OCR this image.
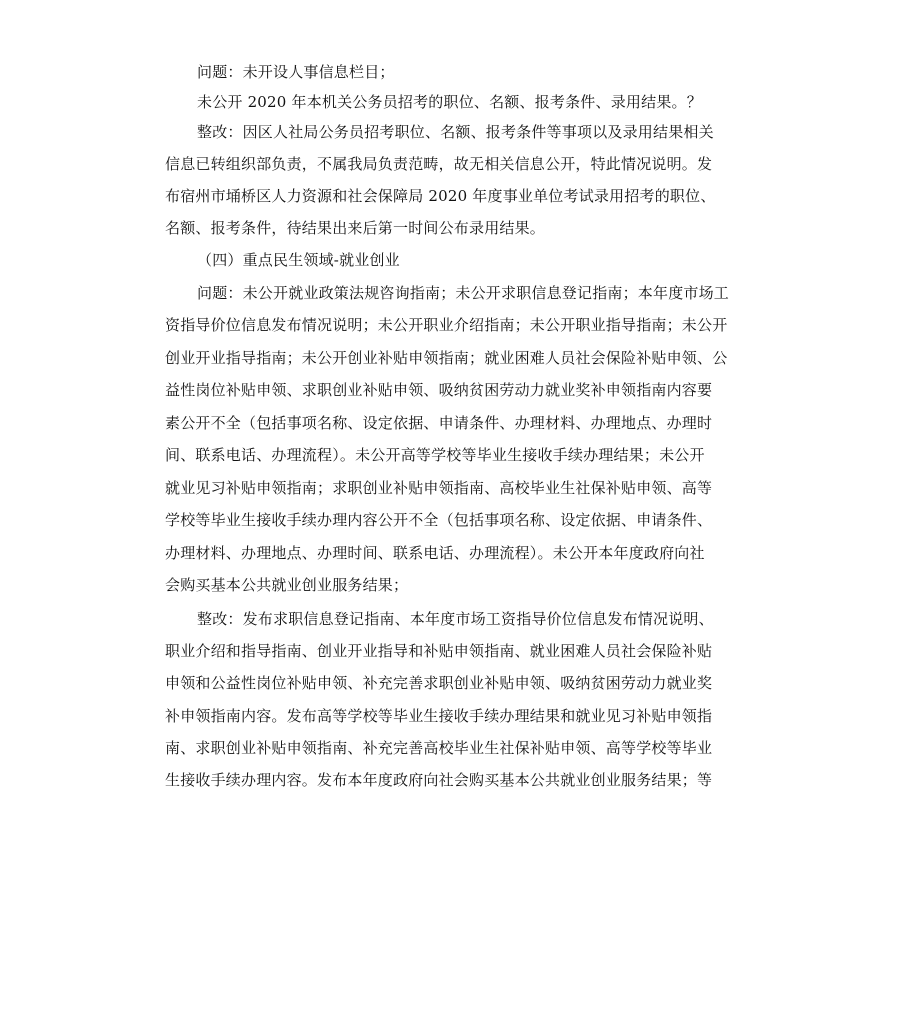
问题：未开设人事信息栏目；
未公开 2020 年本机关公务员招考的职位、名额、报考条件、录用结果。？
整改：因区人社局公务员招考职位、名额、报考条件等事项以及录用结果相关
信息已转组织部负责，不属我局负责范畴，故无相关信息公开，特此情况说明。发
布宿州市埇桥区人力资源和社会保障局 2020 年度事业单位考试录用招考的职位、
名额、报考条件，待结果出来后第一时间公布录用结果。
（四）重点民生领域-就业创业
问题：未公开就业政策法规咨询指南；未公开求职信息登记指南；本年度市场工
资指导价位信息发布情况说明；未公开职业介绍指南；未公开职业指导指南；未公开
创业开业指导指南；未公开创业补贴申领指南；就业困难人员社会保险补贴申领、公
益性岗位补贴申领、求职创业补贴申领、吸纳贫困劳动力就业奖补申领指南内容要
素公开不全（包括事项名称、设定依据、申请条件、办理材料、办理地点、办理时
间、联系电话、办理流程）。未公开高等学校等毕业生接收手续办理结果；未公开
就业见习补贴申领指南；求职创业补贴申领指南、高校毕业生社保补贴申领、高等
学校等毕业生接收手续办理内容公开不全（包括事项名称、设定依据、申请条件、
办理材料、办理地点、办理时间、联系电话、办理流程）。未公开本年度政府向社
会购买基本公共就业创业服务结果；
整改：发布求职信息登记指南、本年度市场工资指导价位信息发布情况说明、
职业介绍和指导指南、创业开业指导和补贴申领指南、就业困难人员社会保险补贴
申领和公益性岗位补贴申领、补充完善求职创业补贴申领、吸纳贫困劳动力就业奖
补申领指南内容。发布高等学校等毕业生接收手续办理结果和就业见习补贴申领指
南、求职创业补贴申领指南、补充完善高校毕业生社保补贴申领、高等学校等毕业
生接收手续办理内容。发布本年度政府向社会购买基本公共就业创业服务结果；等
